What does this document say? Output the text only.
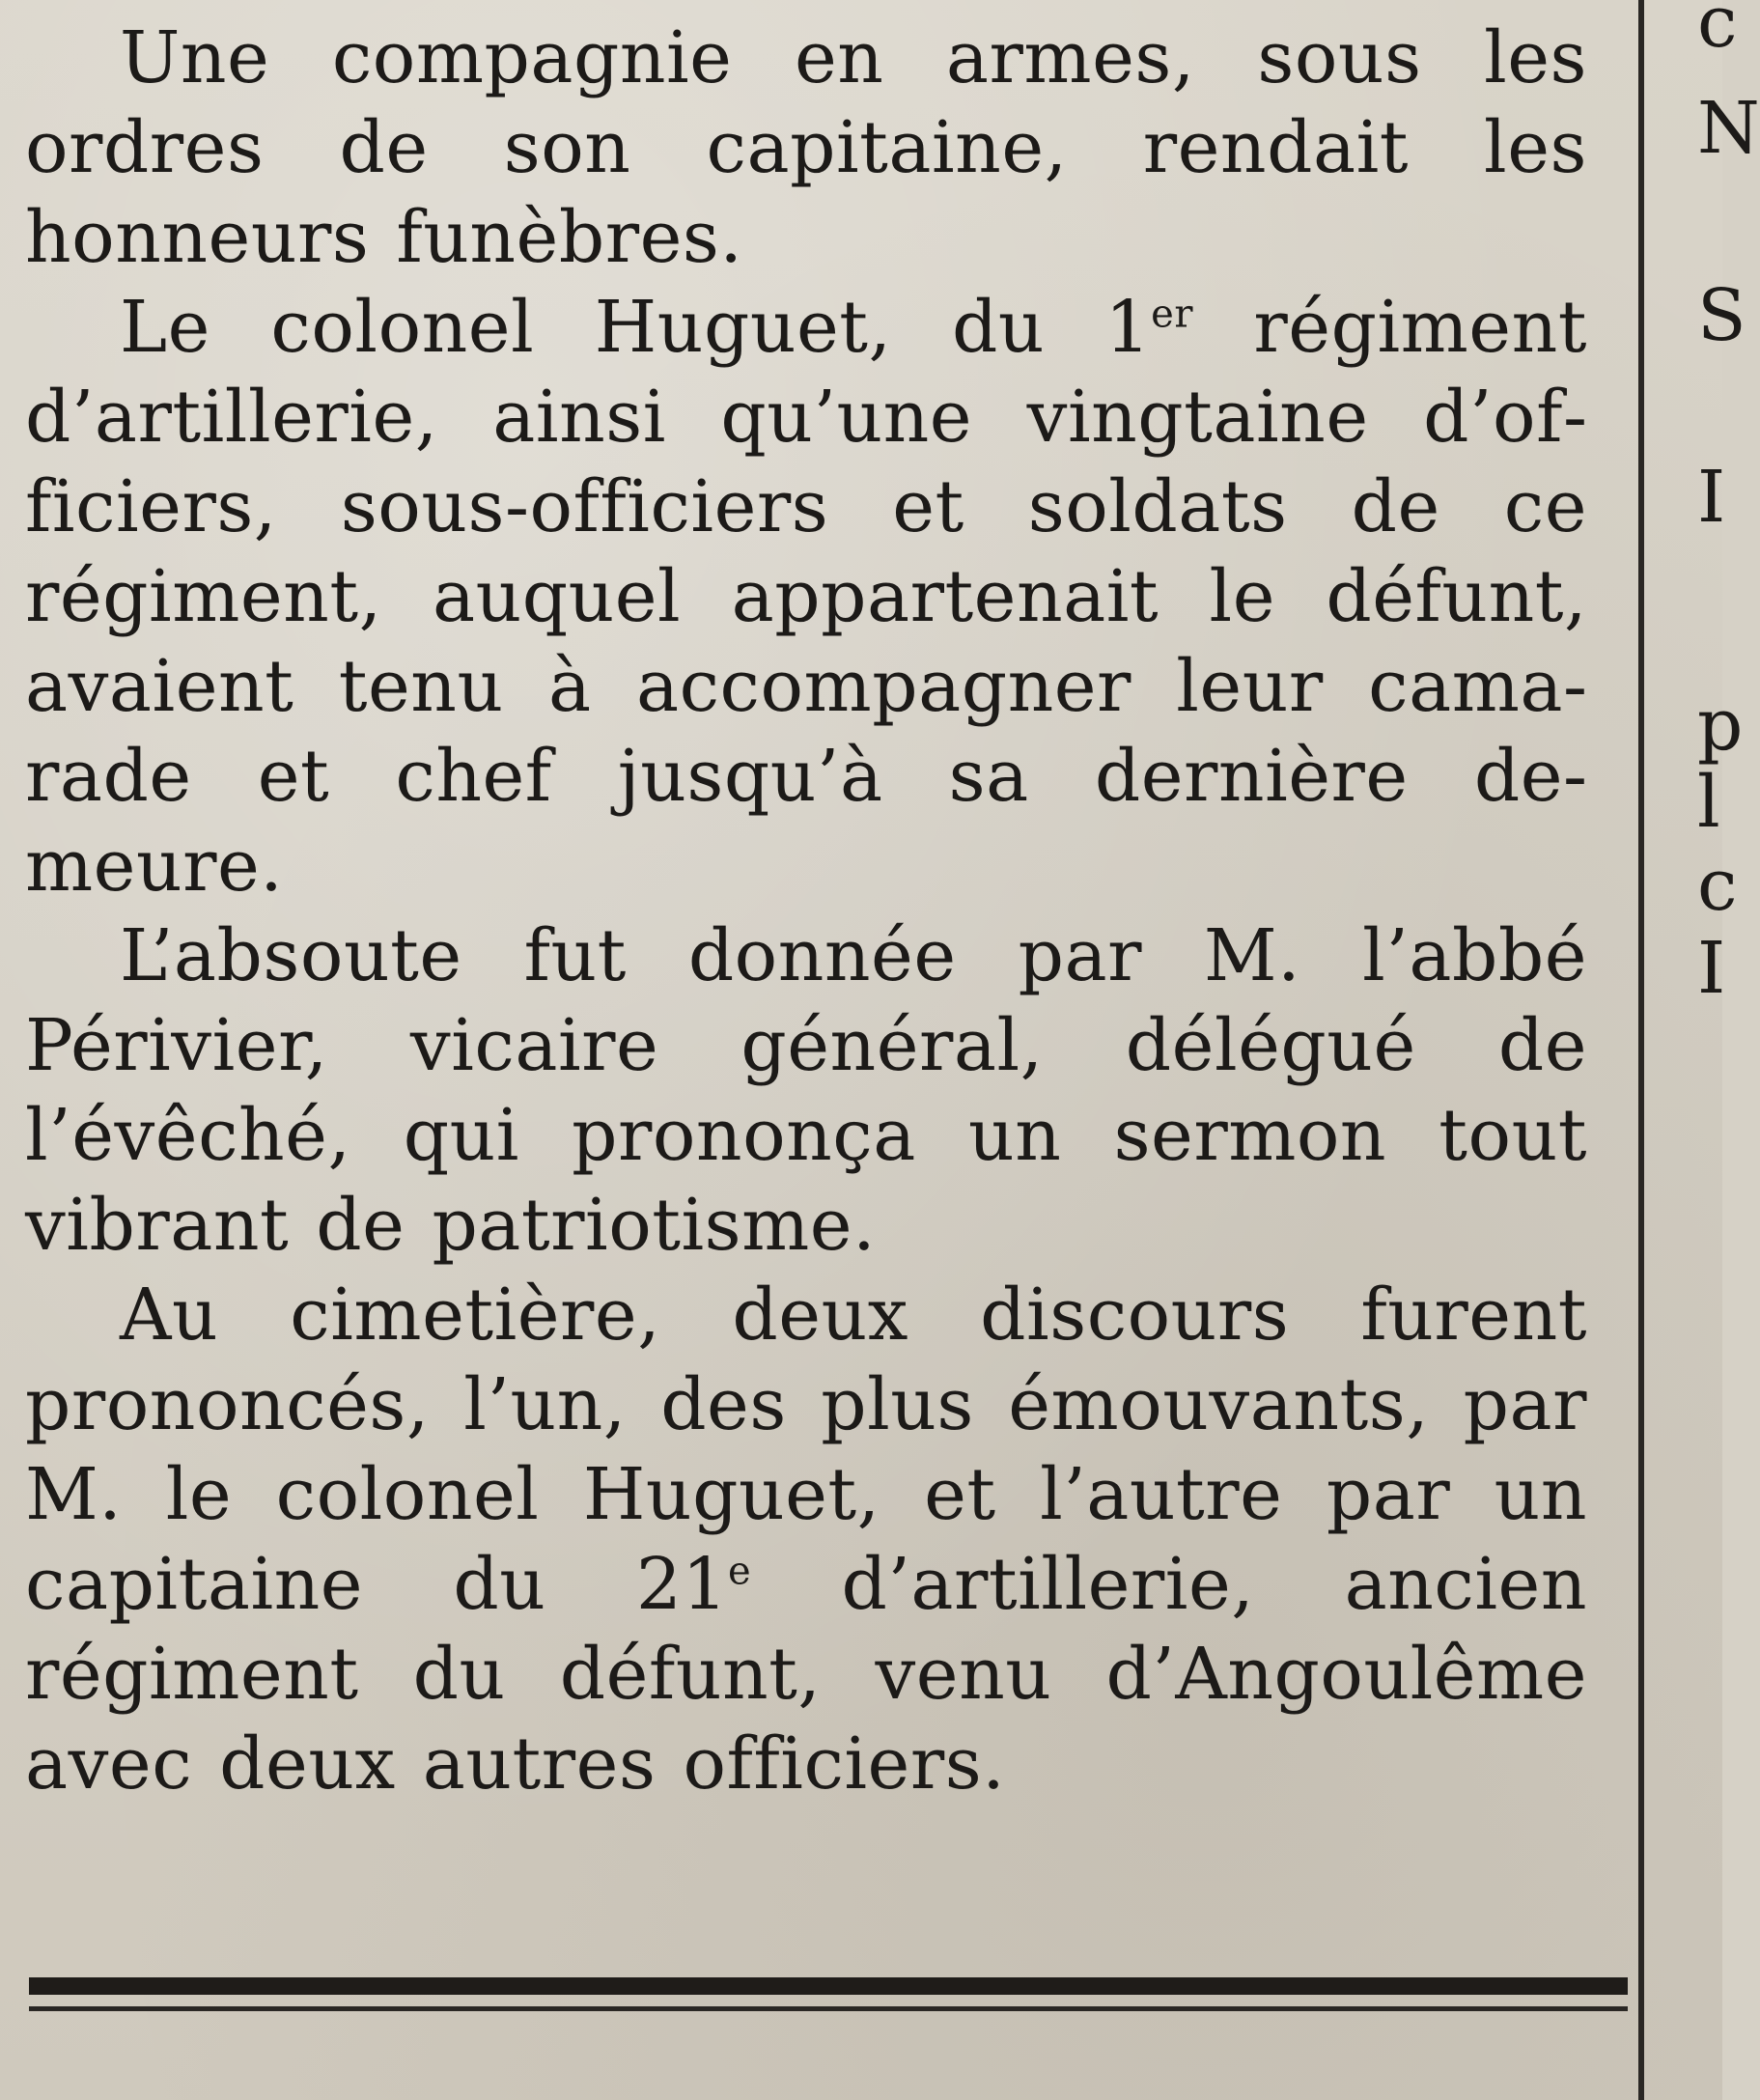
Une compagnie en armes, sous les ordres de son capitaine, rendait les honneurs funèbres.

Le colonel Huguet, du 1er régiment d’artillerie, ainsi qu’une vingtaine d’officiers, sous-officiers et soldats de ce régiment, auquel appartenait le défunt, avaient tenu à accompagner leur camarade et chef jusqu’à sa dernière demeure.

L’absoute fut donnée par M. l’abbé Périvier, vicaire général, délégué de l’évêché, qui prononça un sermon tout vibrant de patriotisme.

Au cimetière, deux discours furent prononcés, l’un, des plus émouvants, par M. le colonel Huguet, et l’autre par un capitaine du 21e d’artillerie, ancien régiment du défunt, venu d’Angoulême avec deux autres officiers.

c
N
S
I
p
l
c
I
